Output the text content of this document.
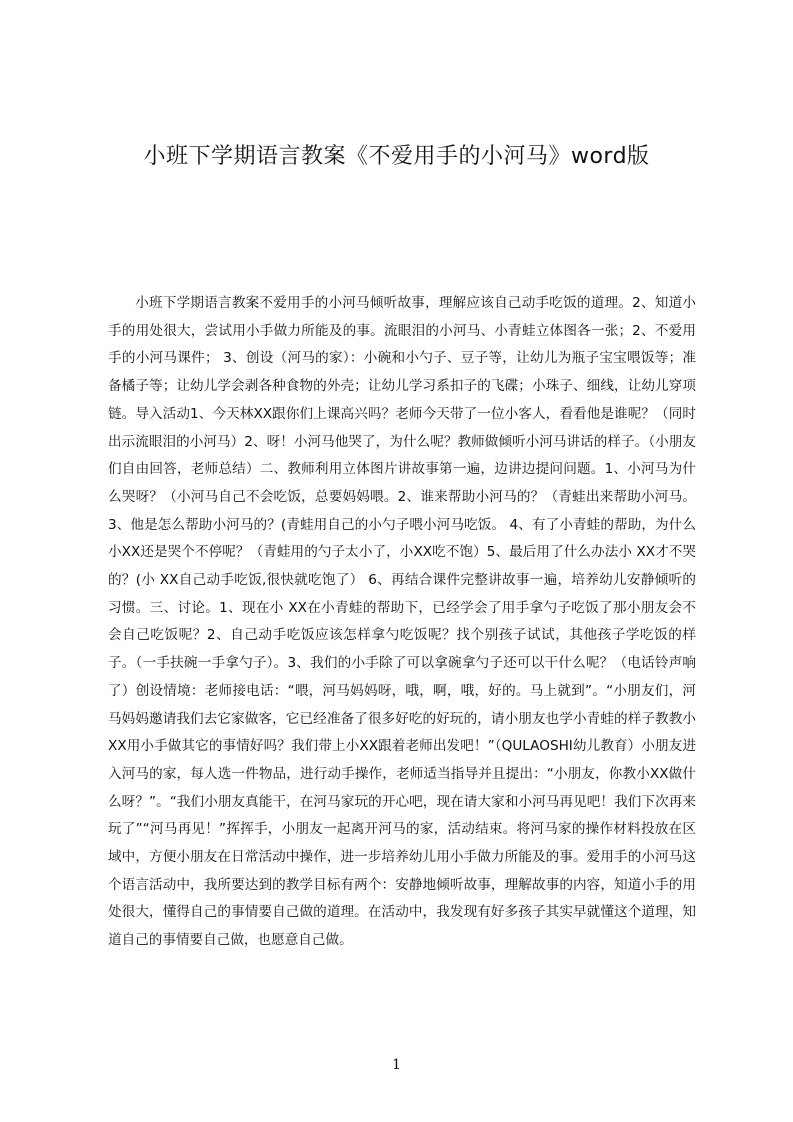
小班下学期语言教案《不爱用手的小河马》word版
小班下学期语言教案不爱用手的小河马倾听故事，理解应该自己动手吃饭的道理。2、知道小手的用处很大，尝试用小手做力所能及的事。流眼泪的小河马、小青蛙立体图各一张；2、不爱用手的小河马课件； 3、创设（河马的家）：小碗和小勺子、豆子等，让幼儿为瓶子宝宝喂饭等；准备橘子等；让幼儿学会剥各种食物的外壳；让幼儿学习系扣子的飞碟；小珠子、细线，让幼儿穿项链。导入活动1、今天林XX跟你们上课高兴吗？老师今天带了一位小客人，看看他是谁呢？（同时出示流眼泪的小河马）2、呀！小河马他哭了，为什么呢？教师做倾听小河马讲话的样子。（小朋友们自由回答，老师总结）二、教师利用立体图片讲故事第一遍，边讲边提问问题。1、小河马为什么哭呀？（小河马自己不会吃饭，总要妈妈喂。2、谁来帮助小河马的？（青蛙出来帮助小河马。3、他是怎么帮助小河马的？(青蛙用自己的小勺子喂小河马吃饭。 4、有了小青蛙的帮助，为什么小XX还是哭个不停呢？（青蛙用的勺子太小了，小XX吃不饱）5、最后用了什么办法小 XX才不哭的？(小 XX自己动手吃饭,很快就吃饱了） 6、再结合课件完整讲故事一遍，培养幼儿安静倾听的习惯。三、讨论。1、现在小 XX在小青蛙的帮助下，已经学会了用手拿勺子吃饭了那小朋友会不会自己吃饭呢？2、自己动手吃饭应该怎样拿勺吃饭呢？找个别孩子试试，其他孩子学吃饭的样子。（一手扶碗一手拿勺子）。3、我们的小手除了可以拿碗拿勺子还可以干什么呢？（电话铃声响了）创设情境：老师接电话：“喂，河马妈妈呀，哦，啊，哦，好的。马上就到”。“小朋友们，河马妈妈邀请我们去它家做客，它已经准备了很多好吃的好玩的，请小朋友也学小青蛙的样子教教小XX用小手做其它的事情好吗？我们带上小XX跟着老师出发吧！”（QULAOSHI幼儿教育）小朋友进入河马的家，每人选一件物品，进行动手操作，老师适当指导并且提出：“小朋友，你教小XX做什么呀？”。“我们小朋友真能干，在河马家玩的开心吧，现在请大家和小河马再见吧！我们下次再来玩了”“河马再见！”挥挥手，小朋友一起离开河马的家，活动结束。将河马家的操作材料投放在区域中，方便小朋友在日常活动中操作，进一步培养幼儿用小手做力所能及的事。爱用手的小河马这个语言活动中，我所要达到的教学目标有两个：安静地倾听故事，理解故事的内容，知道小手的用处很大，懂得自己的事情要自己做的道理。在活动中，我发现有好多孩子其实早就懂这个道理，知道自己的事情要自己做，也愿意自己做。
1
